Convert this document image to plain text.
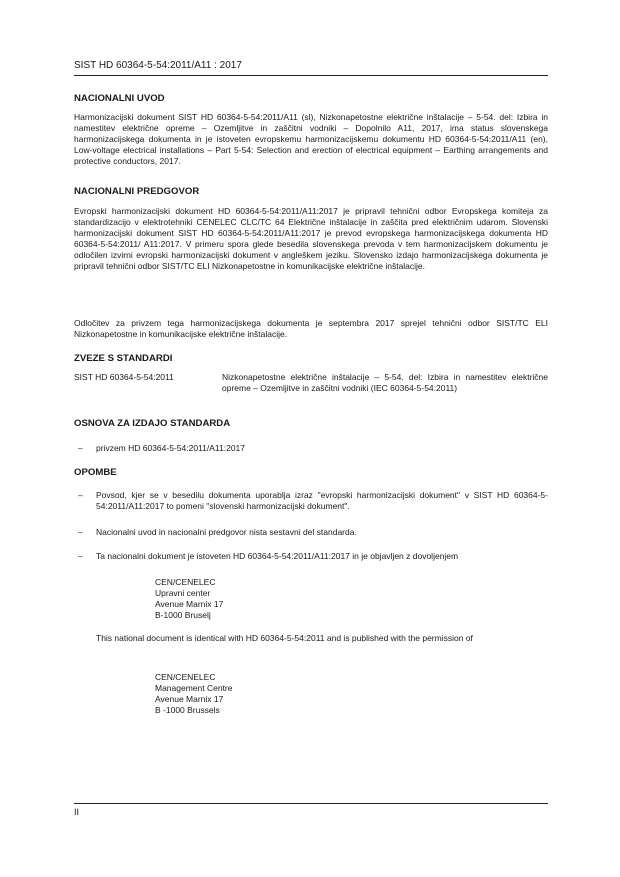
SIST HD 60364-5-54:2011/A11 : 2017
NACIONALNI UVOD

Harmonizacijski dokument SIST HD 60364-5-54:2011/A11 (sl), Nizkonapetostne električne inštalacije – 5-54. del: Izbira in namestitev električne opreme – Ozemljitve in zaščitni vodniki – Dopolnilo A11, 2017, ima status slovenskega harmonizacijskega dokumenta in je istoveten evropskemu harmonizacijskemu dokumentu HD 60364-5-54:2011/A11 (en), Low-voltage electrical installations – Part 5-54: Selection and erection of electrical equipment – Earthing arrangements and protective conductors, 2017.

NACIONALNI PREDGOVOR

Evropski harmonizacijski dokument HD 60364-5-54:2011/A11:2017 je pripravil tehnični odbor Evropskega komiteja za standardizacijo v elektrotehniki CENELEC CLC/TC 64 Električne inštalacije in zaščita pred električnim udarom. Slovenski harmonizacijski dokument SIST HD 60364-5-54:2011/A11:2017 je prevod evropskega harmonizacijskega dokumenta HD 60364-5-54:2011/ A11:2017. V primeru spora glede besedila slovenskega prevoda v tem harmonizacijskem dokumentu je odločilen izvirni evropski harmonizacijski dokument v angleškem jeziku. Slovensko izdajo harmonizacijskega dokumenta je pripravil tehnični odbor SIST/TC ELI Nizkonapetostne in komunikacijske električne inštalacije.

Odločitev za privzem tega harmonizacijskega dokumenta je septembra 2017 sprejel tehnični odbor SIST/TC ELI Nizkonapetostne in komunikacijske električne inštalacije.

ZVEZE S STANDARDI
SIST HD 60364-5-54:2011	Nizkonapetostne električne inštalacije – 5-54. del: Izbira in namestitev električne opreme – Ozemljitve in zaščitni vodniki (IEC 60364-5-54:2011)
OSNOVA ZA IZDAJO STANDARDA
– privzem HD 60364-5-54:2011/A11:2017
OPOMBE
– Povsod, kjer se v besedilu dokumenta uporablja izraz "evropski harmonizacijski dokument" v SIST HD 60364-5-54:2011/A11:2017 to pomeni "slovenski harmonizacijski dokument".
– Nacionalni uvod in nacionalni predgovor nista sestavni del standarda.
– Ta nacionalni dokument je istoveten HD 60364-5-54:2011/A11:2017 in je objavljen z dovoljenjem
CEN/CENELEC
Upravni center
Avenue Marnix 17
B-1000 Bruselj
This national document is identical with HD 60364-5-54:2011 and is published with the permission of
CEN/CENELEC
Management Centre
Avenue Marnix 17
B -1000 Brussels
II
